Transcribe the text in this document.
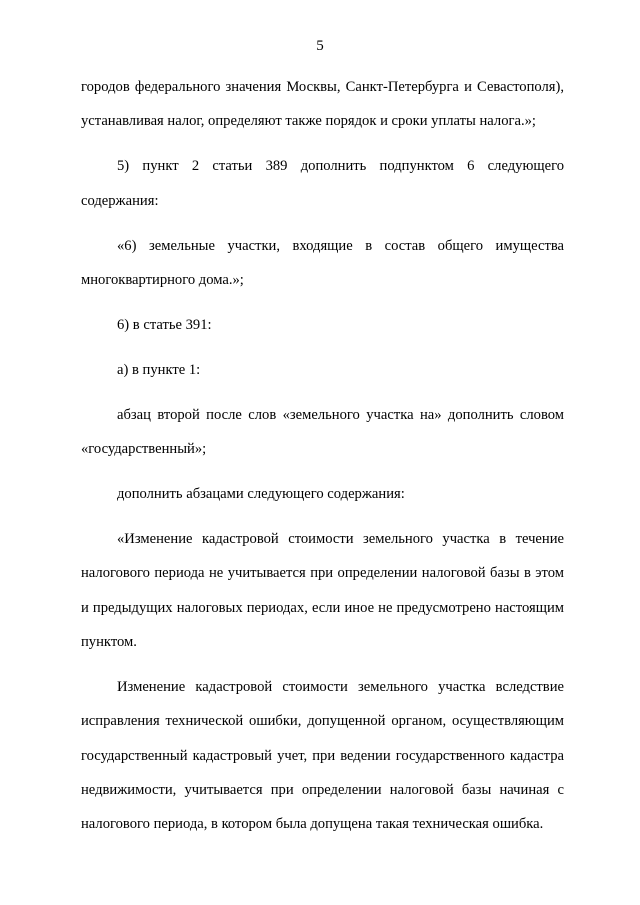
5

городов федерального значения Москвы, Санкт-Петербурга и Севастополя), устанавливая налог, определяют также порядок и сроки уплаты налога.»;

5) пункт 2 статьи 389 дополнить подпунктом 6 следующего содержания:

«6) земельные участки, входящие в состав общего имущества многоквартирного дома.»;

6) в статье 391:

а) в пункте 1:

абзац второй после слов «земельного участка на» дополнить словом «государственный»;

дополнить абзацами следующего содержания:

«Изменение кадастровой стоимости земельного участка в течение налогового периода не учитывается при определении налоговой базы в этом и предыдущих налоговых периодах, если иное не предусмотрено настоящим пунктом.

Изменение кадастровой стоимости земельного участка вследствие исправления технической ошибки, допущенной органом, осуществляющим государственный кадастровый учет, при ведении государственного кадастра недвижимости, учитывается при определении налоговой базы начиная с налогового периода, в котором была допущена такая техническая ошибка.
